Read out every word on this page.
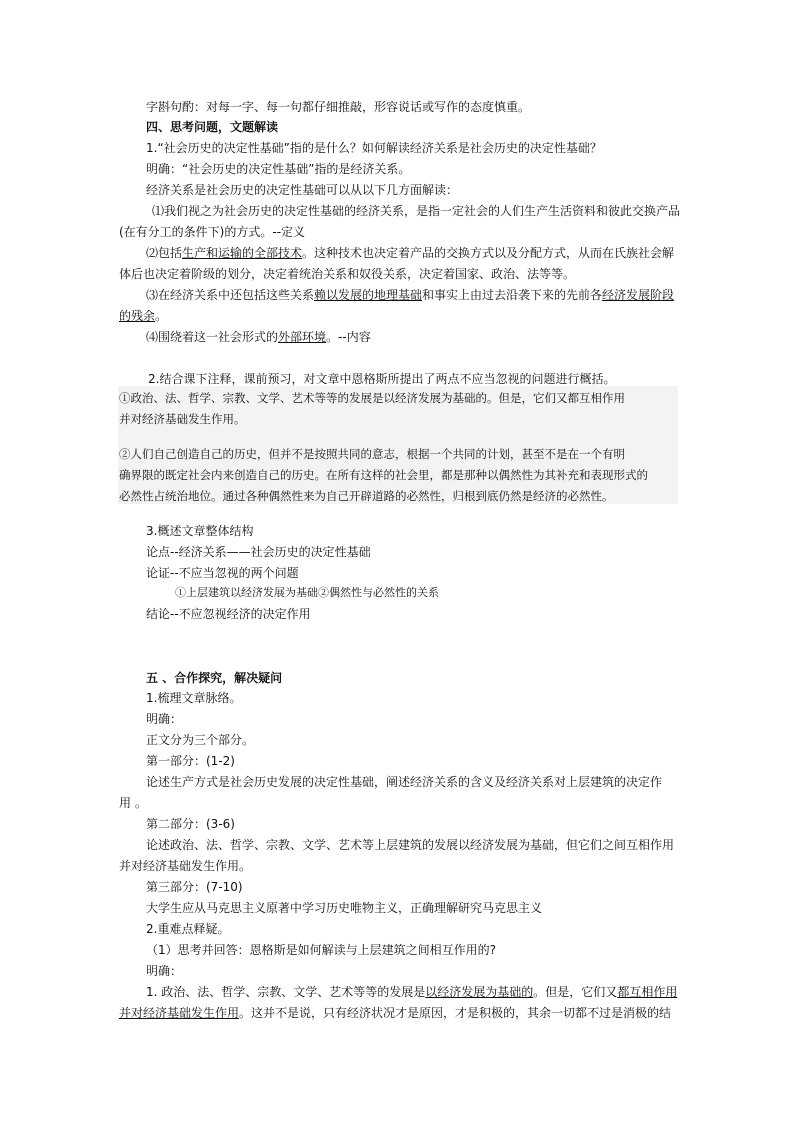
字斟句酌：对每一字、每一句都仔细推敲，形容说话或写作的态度慎重。
四、思考问题，文题解读
1.“社会历史的决定性基础”指的是什么？如何解读经济关系是社会历史的决定性基础？
明确：“社会历史的决定性基础”指的是经济关系。
经济关系是社会历史的决定性基础可以从以下几方面解读：
⑴我们视之为社会历史的决定性基础的经济关系，是指一定社会的人们生产生活资料和彼此交换产品
(在有分工的条件下)的方式。--定义
⑵包括生产和运输的全部技术。这种技术也决定着产品的交换方式以及分配方式，从而在氏族社会解
体后也决定着阶级的划分，决定着统治关系和奴役关系，决定着国家、政治、法等等。
⑶在经济关系中还包括这些关系赖以发展的地理基础和事实上由过去沿袭下来的先前各经济发展阶段
的残余。
⑷围绕着这一社会形式的外部环境。--内容
2.结合课下注释，课前预习，对文章中恩格斯所提出了两点不应当忽视的问题进行概括。
①政治、法、哲学、宗教、文学、艺术等等的发展是以经济发展为基础的。但是，它们又都互相作用
并对经济基础发生作用。
②人们自己创造自己的历史，但并不是按照共同的意志，根据一个共同的计划，甚至不是在一个有明
确界限的既定社会内来创造自己的历史。在所有这样的社会里，都是那种以偶然性为其补充和表现形式的
必然性占统治地位。通过各种偶然性来为自己开辟道路的必然性，归根到底仍然是经济的必然性。
3.概述文章整体结构
论点--经济关系——社会历史的决定性基础
论证--不应当忽视的两个问题
①上层建筑以经济发展为基础②偶然性与必然性的关系
结论--不应忽视经济的决定作用
五 、合作探究，解决疑问
1.梳理文章脉络。
明确：
正文分为三个部分。
第一部分：(1-2)
论述生产方式是社会历史发展的决定性基础，阐述经济关系的含义及经济关系对上层建筑的决定作
用 。
第二部分：(3-6)
论述政治、法、哲学、宗教、文学、艺术等上层建筑的发展以经济发展为基础，但它们之间互相作用
并对经济基础发生作用。
第三部分：(7-10)
大学生应从马克思主义原著中学习历史唯物主义，正确理解研究马克思主义
2.重难点释疑。
（1）思考并回答：恩格斯是如何解读与上层建筑之间相互作用的?
明确：
1. 政治、法、哲学、宗教、文学、艺术等等的发展是以经济发展为基础的。但是，它们又都互相作用
并对经济基础发生作用。这并不是说，只有经济状况才是原因，才是积极的，其余一切都不过是消极的结
